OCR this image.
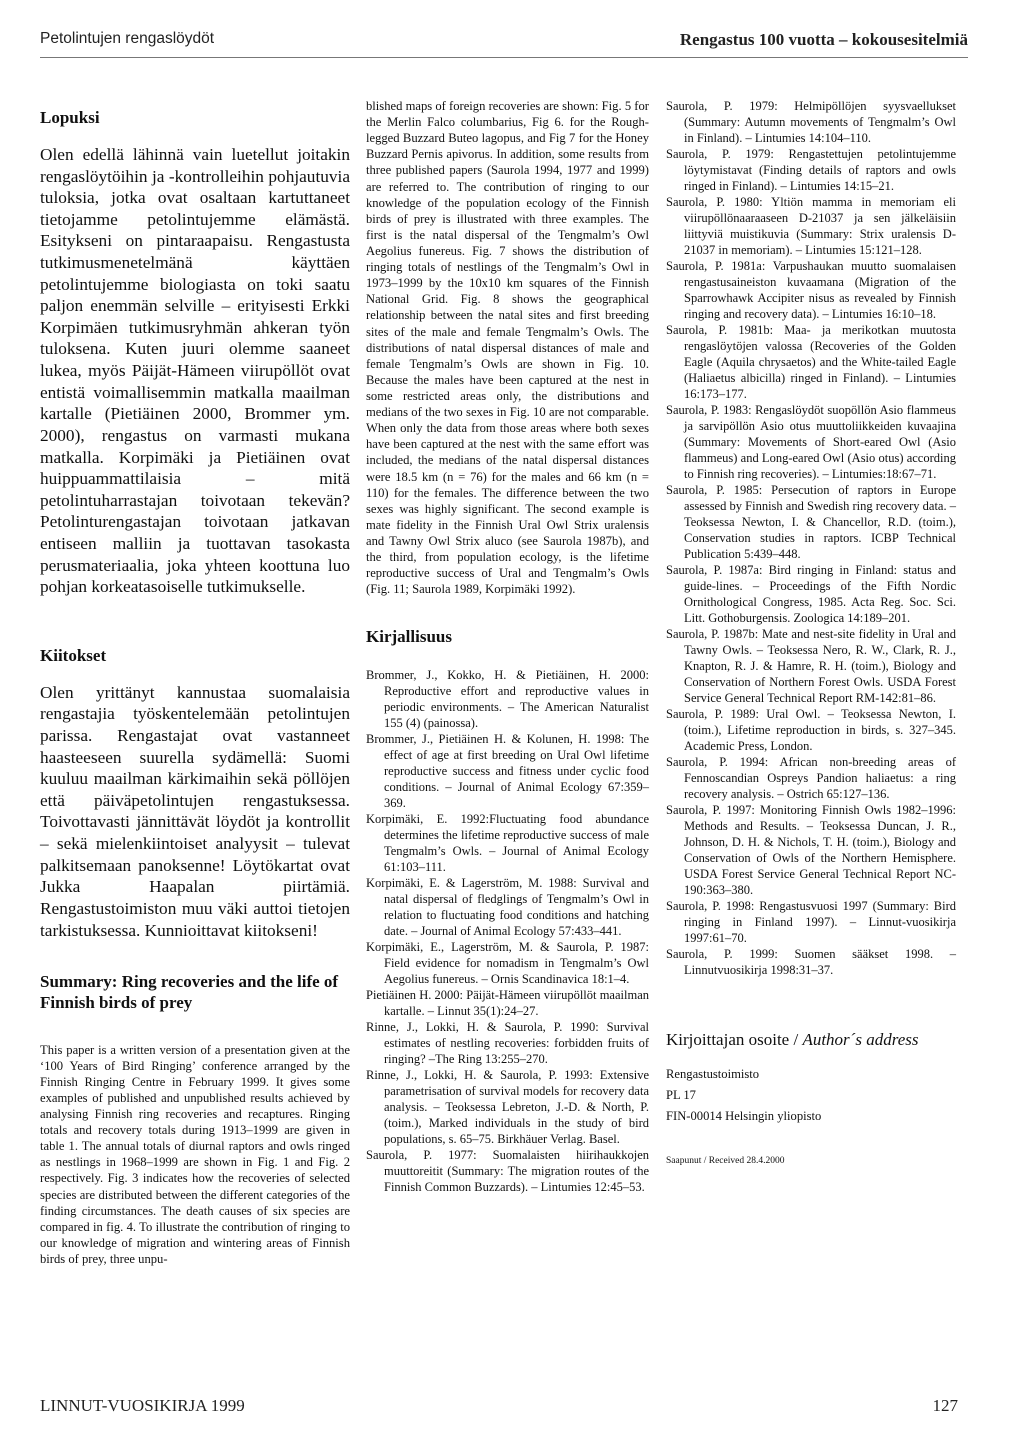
Petolintujen rengaslöydöt	Rengastus 100 vuotta – kokousesitelmiä
Lopuksi

Olen edellä lähinnä vain luetellut joitakin rengaslöytöihin ja -kontrolleihin pohjautuvia tuloksia, jotka ovat osaltaan kartuttaneet tietojamme petolintujemme elämästä. Esitykseni on pintaraapaisu. Rengastusta tutkimusmenetelmänä käyttäen petolintujemme biologiasta on toki saatu paljon enemmän selville – erityisesti Erkki Korpimäen tutkimusryhmän ahkeran työn tuloksena. Kuten juuri olemme saaneet lukea, myös Päijät-Hämeen viirupöllöt ovat entistä voimallisemmin matkalla maailman kartalle (Pietiäinen 2000, Brommer ym. 2000), rengastus on varmasti mukana matkalla. Korpimäki ja Pietiäinen ovat huippuammattilaisia – mitä petolintuharrastajan toivotaan tekevän? Petolinturengastajan toivotaan jatkavan entiseen malliin ja tuottavan tasokasta perusmateriaalia, joka yhteen koottuna luo pohjan korkeatasoiselle tutkimukselle.

Kiitokset

Olen yrittänyt kannustaa suomalaisia rengastajia työskentelemään petolintujen parissa. Rengastajat ovat vastanneet haasteeseen suurella sydämellä: Suomi kuuluu maailman kärkimaihin sekä pöllöjen että päiväpetolintujen rengastuksessa. Toivottavasti jännittävät löydöt ja kontrollit – sekä mielenkiintoiset analyysit – tulevat palkitsemaan panoksenne! Löytökartat ovat Jukka Haapalan piirtämiä. Rengastustoimiston muu väki auttoi tietojen tarkistuksessa. Kunnioittavat kiitokseni!

Summary: Ring recoveries and the life of Finnish birds of prey

This paper is a written version of a presentation given at the ‘100 Years of Bird Ringing’ conference arranged by the Finnish Ringing Centre in February 1999. It gives some examples of published and unpublished results achieved by analysing Finnish ring recoveries and recaptures. Ringing totals and recovery totals during 1913–1999 are given in table 1. The annual totals of diurnal raptors and owls ringed as nestlings in 1968–1999 are shown in Fig. 1 and Fig. 2 respectively. Fig. 3 indicates how the recoveries of selected species are distributed between the different categories of the finding circumstances. The death causes of six species are compared in fig. 4. To illustrate the contribution of ringing to our knowledge of migration and wintering areas of Finnish birds of prey, three unpu-

blished maps of foreign recoveries are shown: Fig. 5 for the Merlin Falco columbarius, Fig 6. for the Rough-legged Buzzard Buteo lagopus, and Fig 7 for the Honey Buzzard Pernis apivorus. In addition, some results from three published papers (Saurola 1994, 1977 and 1999) are referred to. The contribution of ringing to our knowledge of the population ecology of the Finnish birds of prey is illustrated with three examples. The first is the natal dispersal of the Tengmalm’s Owl Aegolius funereus. Fig. 7 shows the distribution of ringing totals of nestlings of the Tengmalm’s Owl in 1973–1999 by the 10x10 km squares of the Finnish National Grid. Fig. 8 shows the geographical relationship between the natal sites and first breeding sites of the male and female Tengmalm’s Owls. The distributions of natal dispersal distances of male and female Tengmalm’s Owls are shown in Fig. 10. Because the males have been captured at the nest in some restricted areas only, the distributions and medians of the two sexes in Fig. 10 are not comparable. When only the data from those areas where both sexes have been captured at the nest with the same effort was included, the medians of the natal dispersal distances were 18.5 km (n = 76) for the males and 66 km (n = 110) for the females. The difference between the two sexes was highly significant. The second example is mate fidelity in the Finnish Ural Owl Strix uralensis and Tawny Owl Strix aluco (see Saurola 1987b), and the third, from population ecology, is the lifetime reproductive success of Ural and Tengmalm’s Owls (Fig. 11; Saurola 1989, Korpimäki 1992).

Kirjallisuus

Brommer, J., Kokko, H. & Pietiäinen, H. 2000: Reproductive effort and reproductive values in periodic environments. – The American Naturalist 155 (4) (painossa).

Brommer, J., Pietiäinen H. & Kolunen, H. 1998: The effect of age at first breeding on Ural Owl lifetime reproductive success and fitness under cyclic food conditions. – Journal of Animal Ecology 67:359–369.

Korpimäki, E. 1992:Fluctuating food abundance determines the lifetime reproductive success of male Tengmalm’s Owls. – Journal of Animal Ecology 61:103–111.

Korpimäki, E. & Lagerström, M. 1988: Survival and natal dispersal of fledglings of Tengmalm’s Owl in relation to fluctuating food conditions and hatching date. – Journal of Animal Ecology 57:433–441.

Korpimäki, E., Lagerström, M. & Saurola, P. 1987: Field evidence for nomadism in Tengmalm’s Owl Aegolius funereus. – Ornis Scandinavica 18:1–4.

Pietiäinen H. 2000: Päijät-Hämeen viirupöllöt maailman kartalle. – Linnut 35(1):24–27.

Rinne, J., Lokki, H. & Saurola, P. 1990: Survival estimates of nestling recoveries: forbidden fruits of ringing? –The Ring 13:255–270.

Rinne, J., Lokki, H. & Saurola, P. 1993: Extensive parametrisation of survival models for recovery data analysis. – Teoksessa Lebreton, J.-D. & North, P. (toim.), Marked individuals in the study of bird populations, s. 65–75. Birkhäuer Verlag. Basel.

Saurola, P. 1977: Suomalaisten hiirihaukkojen muuttoreitit (Summary: The migration routes of the Finnish Common Buzzards). – Lintumies 12:45–53.

Saurola, P. 1979: Helmipöllöjen syysvaellukset (Summary: Autumn movements of Tengmalm’s Owl in Finland). – Lintumies 14:104–110.

Saurola, P. 1979: Rengastettujen petolintujemme löytymistavat (Finding details of raptors and owls ringed in Finland). – Lintumies 14:15–21.

Saurola, P. 1980: Yltiön mamma in memoriam eli viirupöllönaaraaseen D-21037 ja sen jälkeläisiin liittyviä muistikuvia (Summary: Strix uralensis D-21037 in memoriam). – Lintumies 15:121–128.

Saurola, P. 1981a: Varpushaukan muutto suomalaisen rengastusaineiston kuvaamana (Migration of the Sparrowhawk Accipiter nisus as revealed by Finnish ringing and recovery data). – Lintumies 16:10–18.

Saurola, P. 1981b: Maa- ja merikotkan muutosta rengaslöytöjen valossa (Recoveries of the Golden Eagle (Aquila chrysaetos) and the White-tailed Eagle (Haliaetus albicilla) ringed in Finland). – Lintumies 16:173–177.

Saurola, P. 1983: Rengaslöydöt suopöllön Asio flammeus ja sarvipöllön Asio otus muuttoliikkeiden kuvaajina (Summary: Movements of Short-eared Owl (Asio flammeus) and Long-eared Owl (Asio otus) according to Finnish ring recoveries). – Lintumies:18:67–71.

Saurola, P. 1985: Persecution of raptors in Europe assessed by Finnish and Swedish ring recovery data. – Teoksessa Newton, I. & Chancellor, R.D. (toim.), Conservation studies in raptors. ICBP Technical Publication 5:439–448.

Saurola, P. 1987a: Bird ringing in Finland: status and guide-lines. – Proceedings of the Fifth Nordic Ornithological Congress, 1985. Acta Reg. Soc. Sci. Litt. Gothoburgensis. Zoologica 14:189–201.

Saurola, P. 1987b: Mate and nest-site fidelity in Ural and Tawny Owls. – Teoksessa Nero, R. W., Clark, R. J., Knapton, R. J. & Hamre, R. H. (toim.), Biology and Conservation of Northern Forest Owls. USDA Forest Service General Technical Report RM-142:81–86.

Saurola, P. 1989: Ural Owl. – Teoksessa Newton, I. (toim.), Lifetime reproduction in birds, s. 327–345. Academic Press, London.

Saurola, P. 1994: African non-breeding areas of Fennoscandian Ospreys Pandion haliaetus: a ring recovery analysis. – Ostrich 65:127–136.

Saurola, P. 1997: Monitoring Finnish Owls 1982–1996: Methods and Results. – Teoksessa Duncan, J. R., Johnson, D. H. & Nichols, T. H. (toim.), Biology and Conservation of Owls of the Northern Hemisphere. USDA Forest Service General Technical Report NC-190:363–380.

Saurola, P. 1998: Rengastusvuosi 1997 (Summary: Bird ringing in Finland 1997). – Linnut-vuosikirja 1997:61–70.

Saurola, P. 1999: Suomen sääkset 1998. – Linnutvuosikirja 1998:31–37.

Kirjoittajan osoite / Author´s address
Rengastustoimisto
PL 17
FIN-00014 Helsingin yliopisto
Saapunut / Received 28.4.2000
LINNUT-VUOSIKIRJA 1999	127
